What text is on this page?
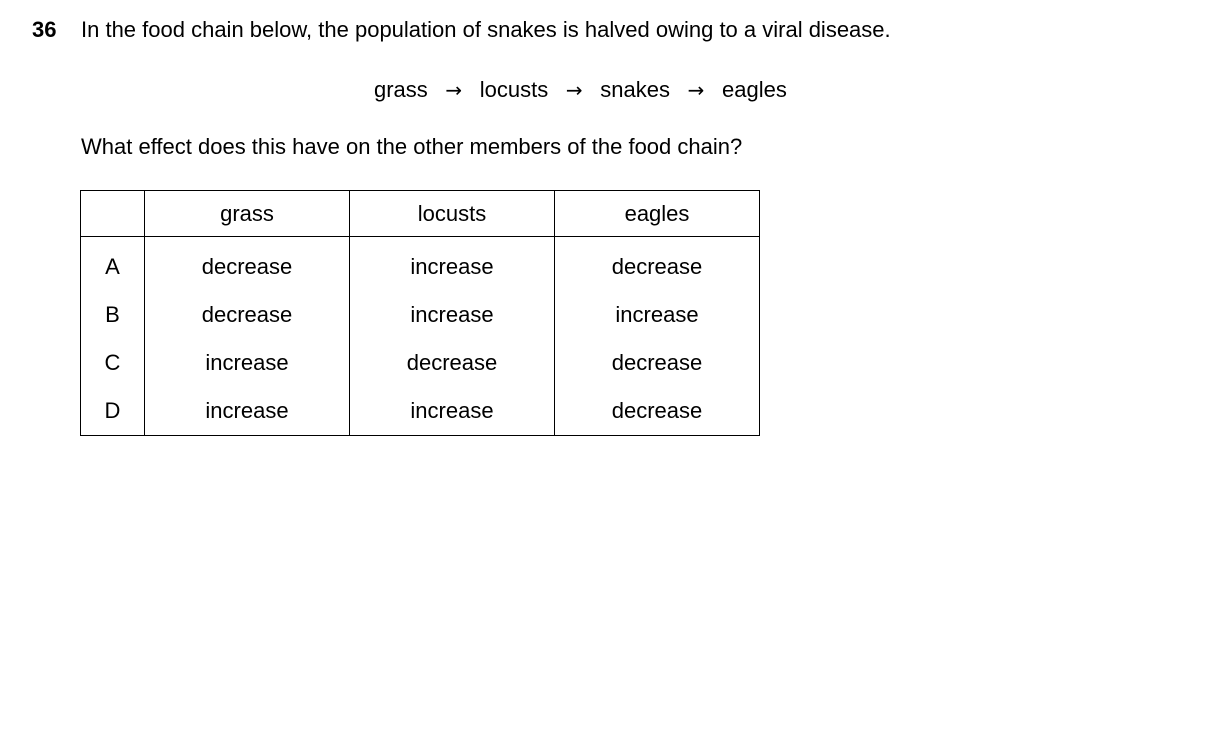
36 In the food chain below, the population of snakes is halved owing to a viral disease.
grass → locusts → snakes → eagles
What effect does this have on the other members of the food chain?
	grass	locusts	eagles
A	decrease	increase	decrease
B	decrease	increase	increase
C	increase	decrease	decrease
D	increase	increase	decrease
